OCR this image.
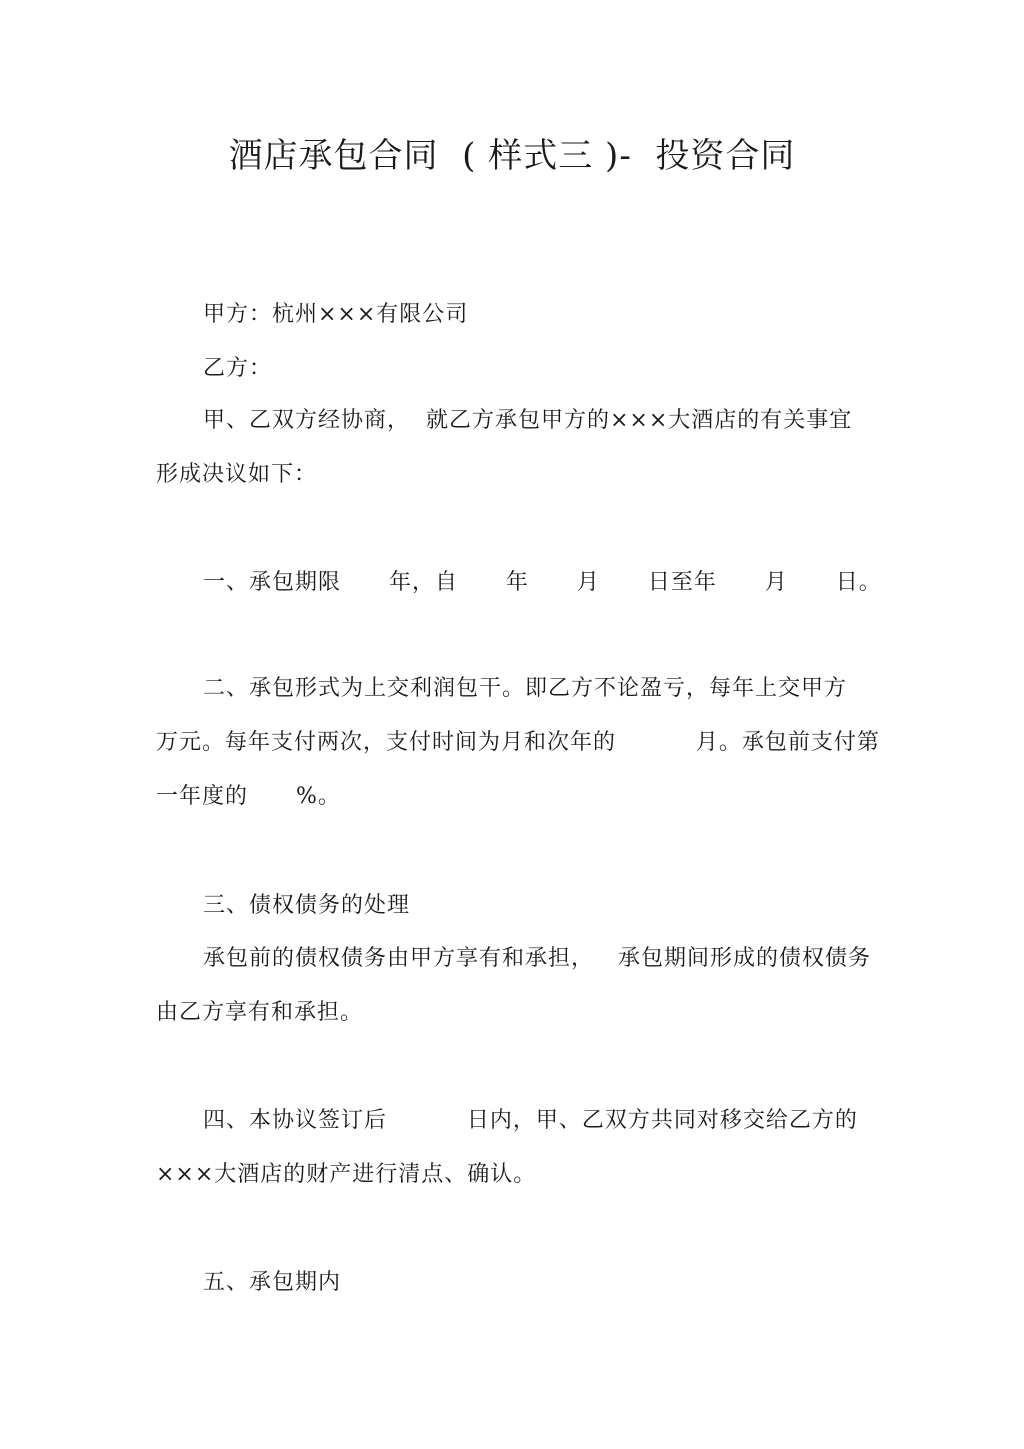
酒店承包合同  ( 样式三 )-  投资合同
甲方：杭州×××有限公司
乙方：
甲、乙双方经协商，  就乙方承包甲方的×××大酒店的有关事宜
形成决议如下：
一、承包期限      年，自      年      月      日至年      月      日。
二、承包形式为上交利润包干。即乙方不论盈亏，每年上交甲方
万元。每年支付两次，支付时间为月和次年的          月。承包前支付第
一年度的      %。
三、债权债务的处理
承包前的债权债务由甲方享有和承担，   承包期间形成的债权债务
由乙方享有和承担。
四、本协议签订后          日内，甲、乙双方共同对移交给乙方的
×××大酒店的财产进行清点、确认。
五、承包期内
